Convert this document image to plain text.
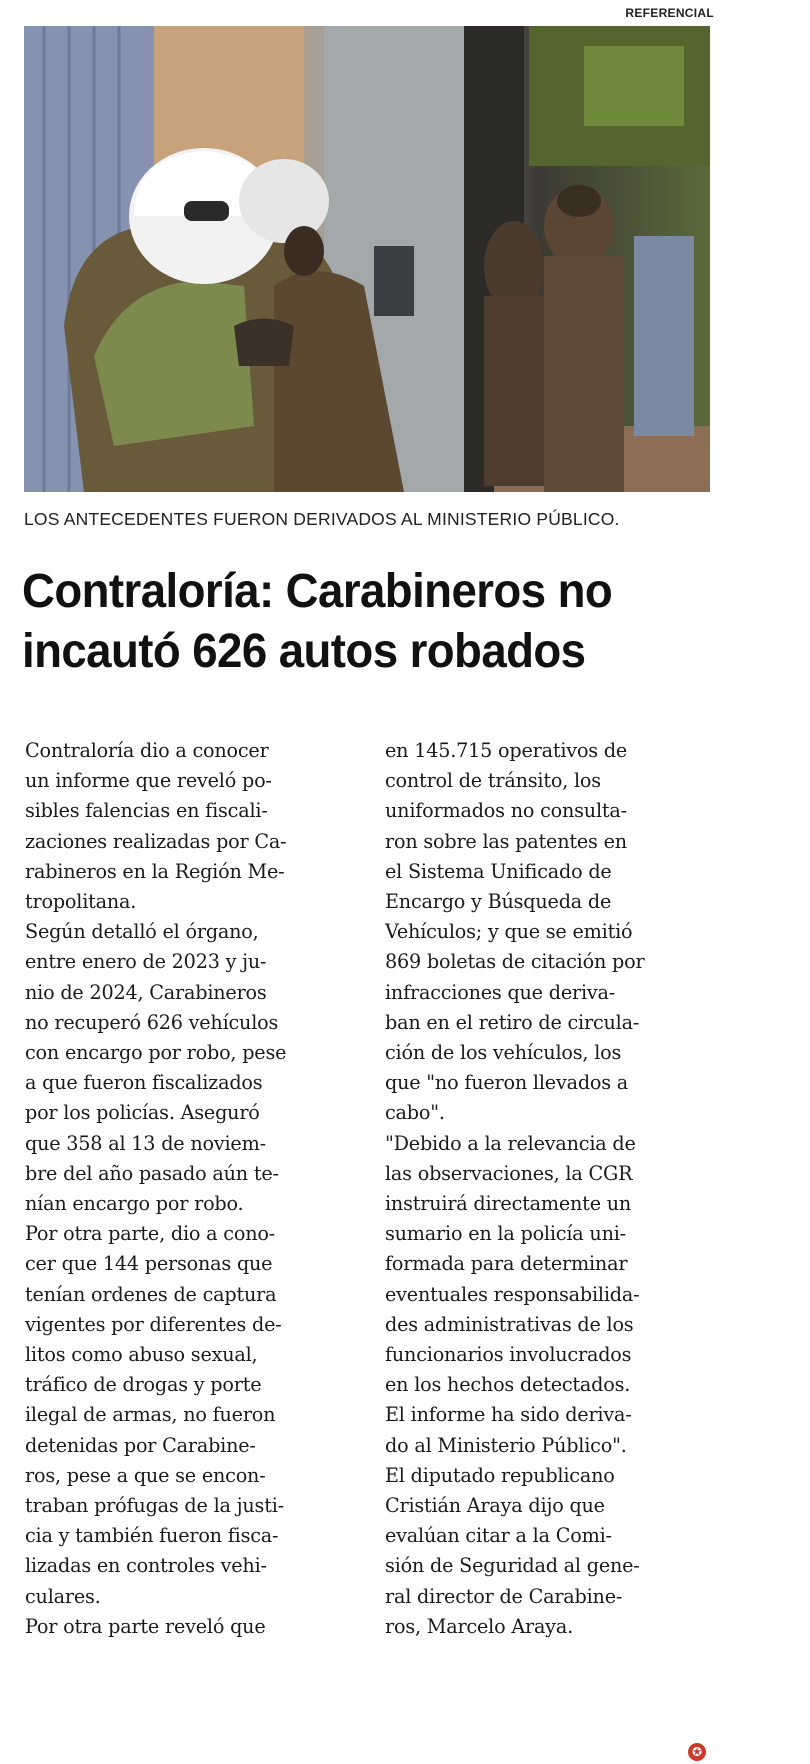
REFERENCIAL
LOS ANTECEDENTES FUERON DERIVADOS AL MINISTERIO PÚBLICO.
Contraloría: Carabineros no
incautó 626 autos robados

Contraloría dio a conocer

un informe que reveló po-

sibles falencias en fiscali-

zaciones realizadas por Ca-

rabineros en la Región Me-

tropolitana.

Según detalló el órgano,

entre enero de 2023 y ju-

nio de 2024, Carabineros

no recuperó 626 vehículos

con encargo por robo, pese

a que fueron fiscalizados

por los policías. Aseguró

que 358 al 13 de noviem-

bre del año pasado aún te-

nían encargo por robo.

Por otra parte, dio a cono-

cer que 144 personas que

tenían ordenes de captura

vigentes por diferentes de-

litos como abuso sexual,

tráfico de drogas y porte

ilegal de armas, no fueron

detenidas por Carabine-

ros, pese a que se encon-

traban prófugas de la justi-

cia y también fueron fisca-

lizadas en controles vehi-

culares.

Por otra parte reveló que

en 145.715 operativos de

control de tránsito, los

uniformados no consulta-

ron sobre las patentes en

el Sistema Unificado de

Encargo y Búsqueda de

Vehículos; y que se emitió

869 boletas de citación por

infracciones que deriva-

ban en el retiro de circula-

ción de los vehículos, los

que "no fueron llevados a

cabo".

"Debido a la relevancia de

las observaciones, la CGR

instruirá directamente un

sumario en la policía uni-

formada para determinar

eventuales responsabilida-

des administrativas de los

funcionarios involucrados

en los hechos detectados.

El informe ha sido deriva-

do al Ministerio Público".

El diputado republicano

Cristián Araya dijo que

evalúan citar a la Comi-

sión de Seguridad al gene-

ral director de Carabine-

ros, Marcelo Araya.

✪
